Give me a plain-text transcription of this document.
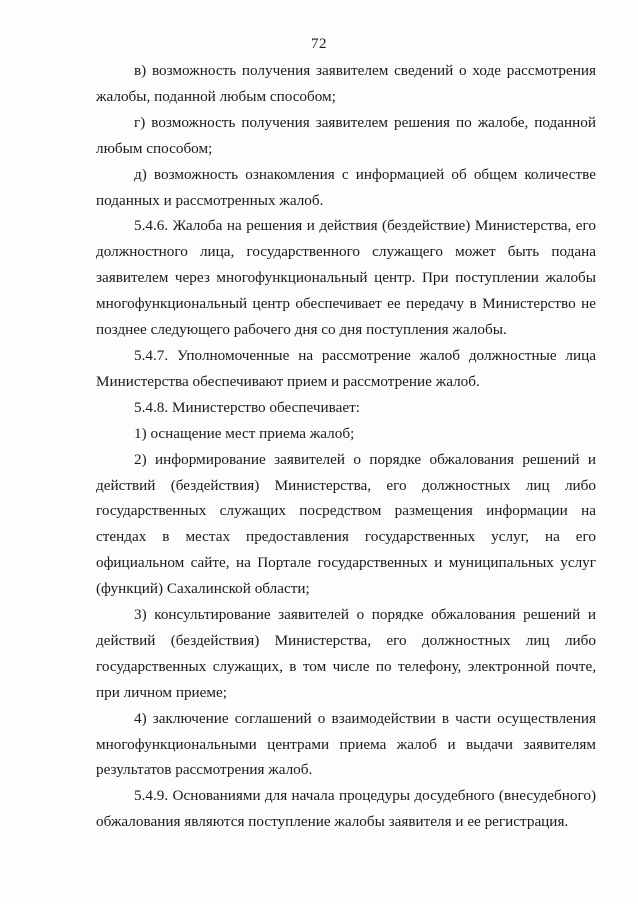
72

в) возможность получения заявителем сведений о ходе рассмотрения жалобы, поданной любым способом;

г) возможность получения заявителем решения по жалобе, поданной любым способом;

д) возможность ознакомления с информацией об общем количестве поданных и рассмотренных жалоб.

5.4.6. Жалоба на решения и действия (бездействие) Министерства, его должностного лица, государственного служащего может быть подана заявителем через многофункциональный центр. При поступлении жалобы многофункциональный центр обеспечивает ее передачу в Министерство не позднее следующего рабочего дня со дня поступления жалобы.

5.4.7. Уполномоченные на рассмотрение жалоб должностные лица Министерства обеспечивают прием и рассмотрение жалоб.

5.4.8. Министерство обеспечивает:

1) оснащение мест приема жалоб;

2) информирование заявителей о порядке обжалования решений и действий (бездействия) Министерства, его должностных лиц либо государственных служащих посредством размещения информации на стендах в местах предоставления государственных услуг, на его официальном сайте, на Портале государственных и муниципальных услуг (функций) Сахалинской области;

3) консультирование заявителей о порядке обжалования решений и действий (бездействия) Министерства, его должностных лиц либо государственных служащих, в том числе по телефону, электронной почте, при личном приеме;

4) заключение соглашений о взаимодействии в части осуществления многофункциональными центрами приема жалоб и выдачи заявителям результатов рассмотрения жалоб.

5.4.9. Основаниями для начала процедуры досудебного (внесудебного) обжалования являются поступление жалобы заявителя и ее регистрация.
